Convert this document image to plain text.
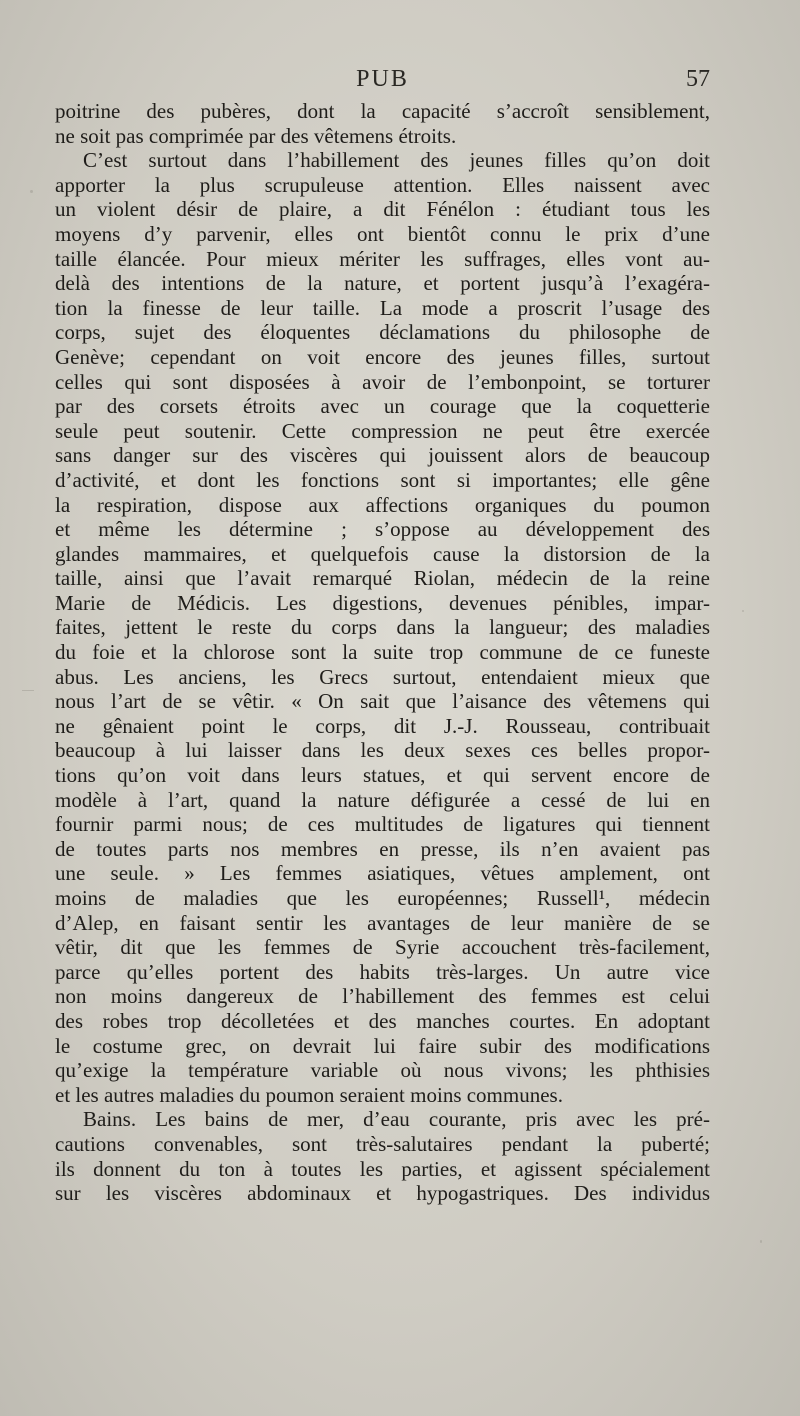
PUB	57
poitrine des pubères, dont la capacité s’accroît sensiblement,
ne soit pas comprimée par des vêtemens étroits.
C’est surtout dans l’habillement des jeunes filles qu’on doit
apporter la plus scrupuleuse attention. Elles naissent avec
un violent désir de plaire, a dit Fénélon : étudiant tous les
moyens d’y parvenir, elles ont bientôt connu le prix d’une
taille élancée. Pour mieux mériter les suffrages, elles vont au-
delà des intentions de la nature, et portent jusqu’à l’exagéra-
tion la finesse de leur taille. La mode a proscrit l’usage des
corps, sujet des éloquentes déclamations du philosophe de
Genève; cependant on voit encore des jeunes filles, surtout
celles qui sont disposées à avoir de l’embonpoint, se torturer
par des corsets étroits avec un courage que la coquetterie
seule peut soutenir. Cette compression ne peut être exercée
sans danger sur des viscères qui jouissent alors de beaucoup
d’activité, et dont les fonctions sont si importantes; elle gêne
la respiration, dispose aux affections organiques du poumon
et même les détermine ; s’oppose au développement des
glandes mammaires, et quelquefois cause la distorsion de la
taille, ainsi que l’avait remarqué Riolan, médecin de la reine
Marie de Médicis. Les digestions, devenues pénibles, impar-
faites, jettent le reste du corps dans la langueur; des maladies
du foie et la chlorose sont la suite trop commune de ce funeste
abus. Les anciens, les Grecs surtout, entendaient mieux que
nous l’art de se vêtir. « On sait que l’aisance des vêtemens qui
ne gênaient point le corps, dit J.-J. Rousseau, contribuait
beaucoup à lui laisser dans les deux sexes ces belles propor-
tions qu’on voit dans leurs statues, et qui servent encore de
modèle à l’art, quand la nature défigurée a cessé de lui en
fournir parmi nous; de ces multitudes de ligatures qui tiennent
de toutes parts nos membres en presse, ils n’en avaient pas
une seule. » Les femmes asiatiques, vêtues amplement, ont
moins de maladies que les européennes; Russell¹, médecin
d’Alep, en faisant sentir les avantages de leur manière de se
vêtir, dit que les femmes de Syrie accouchent très-facilement,
parce qu’elles portent des habits très-larges. Un autre vice
non moins dangereux de l’habillement des femmes est celui
des robes trop décolletées et des manches courtes. En adoptant
le costume grec, on devrait lui faire subir des modifications
qu’exige la température variable où nous vivons; les phthisies
et les autres maladies du poumon seraient moins communes.
Bains. Les bains de mer, d’eau courante, pris avec les pré-
cautions convenables, sont très-salutaires pendant la puberté;
ils donnent du ton à toutes les parties, et agissent spécialement
sur les viscères abdominaux et hypogastriques. Des individus
